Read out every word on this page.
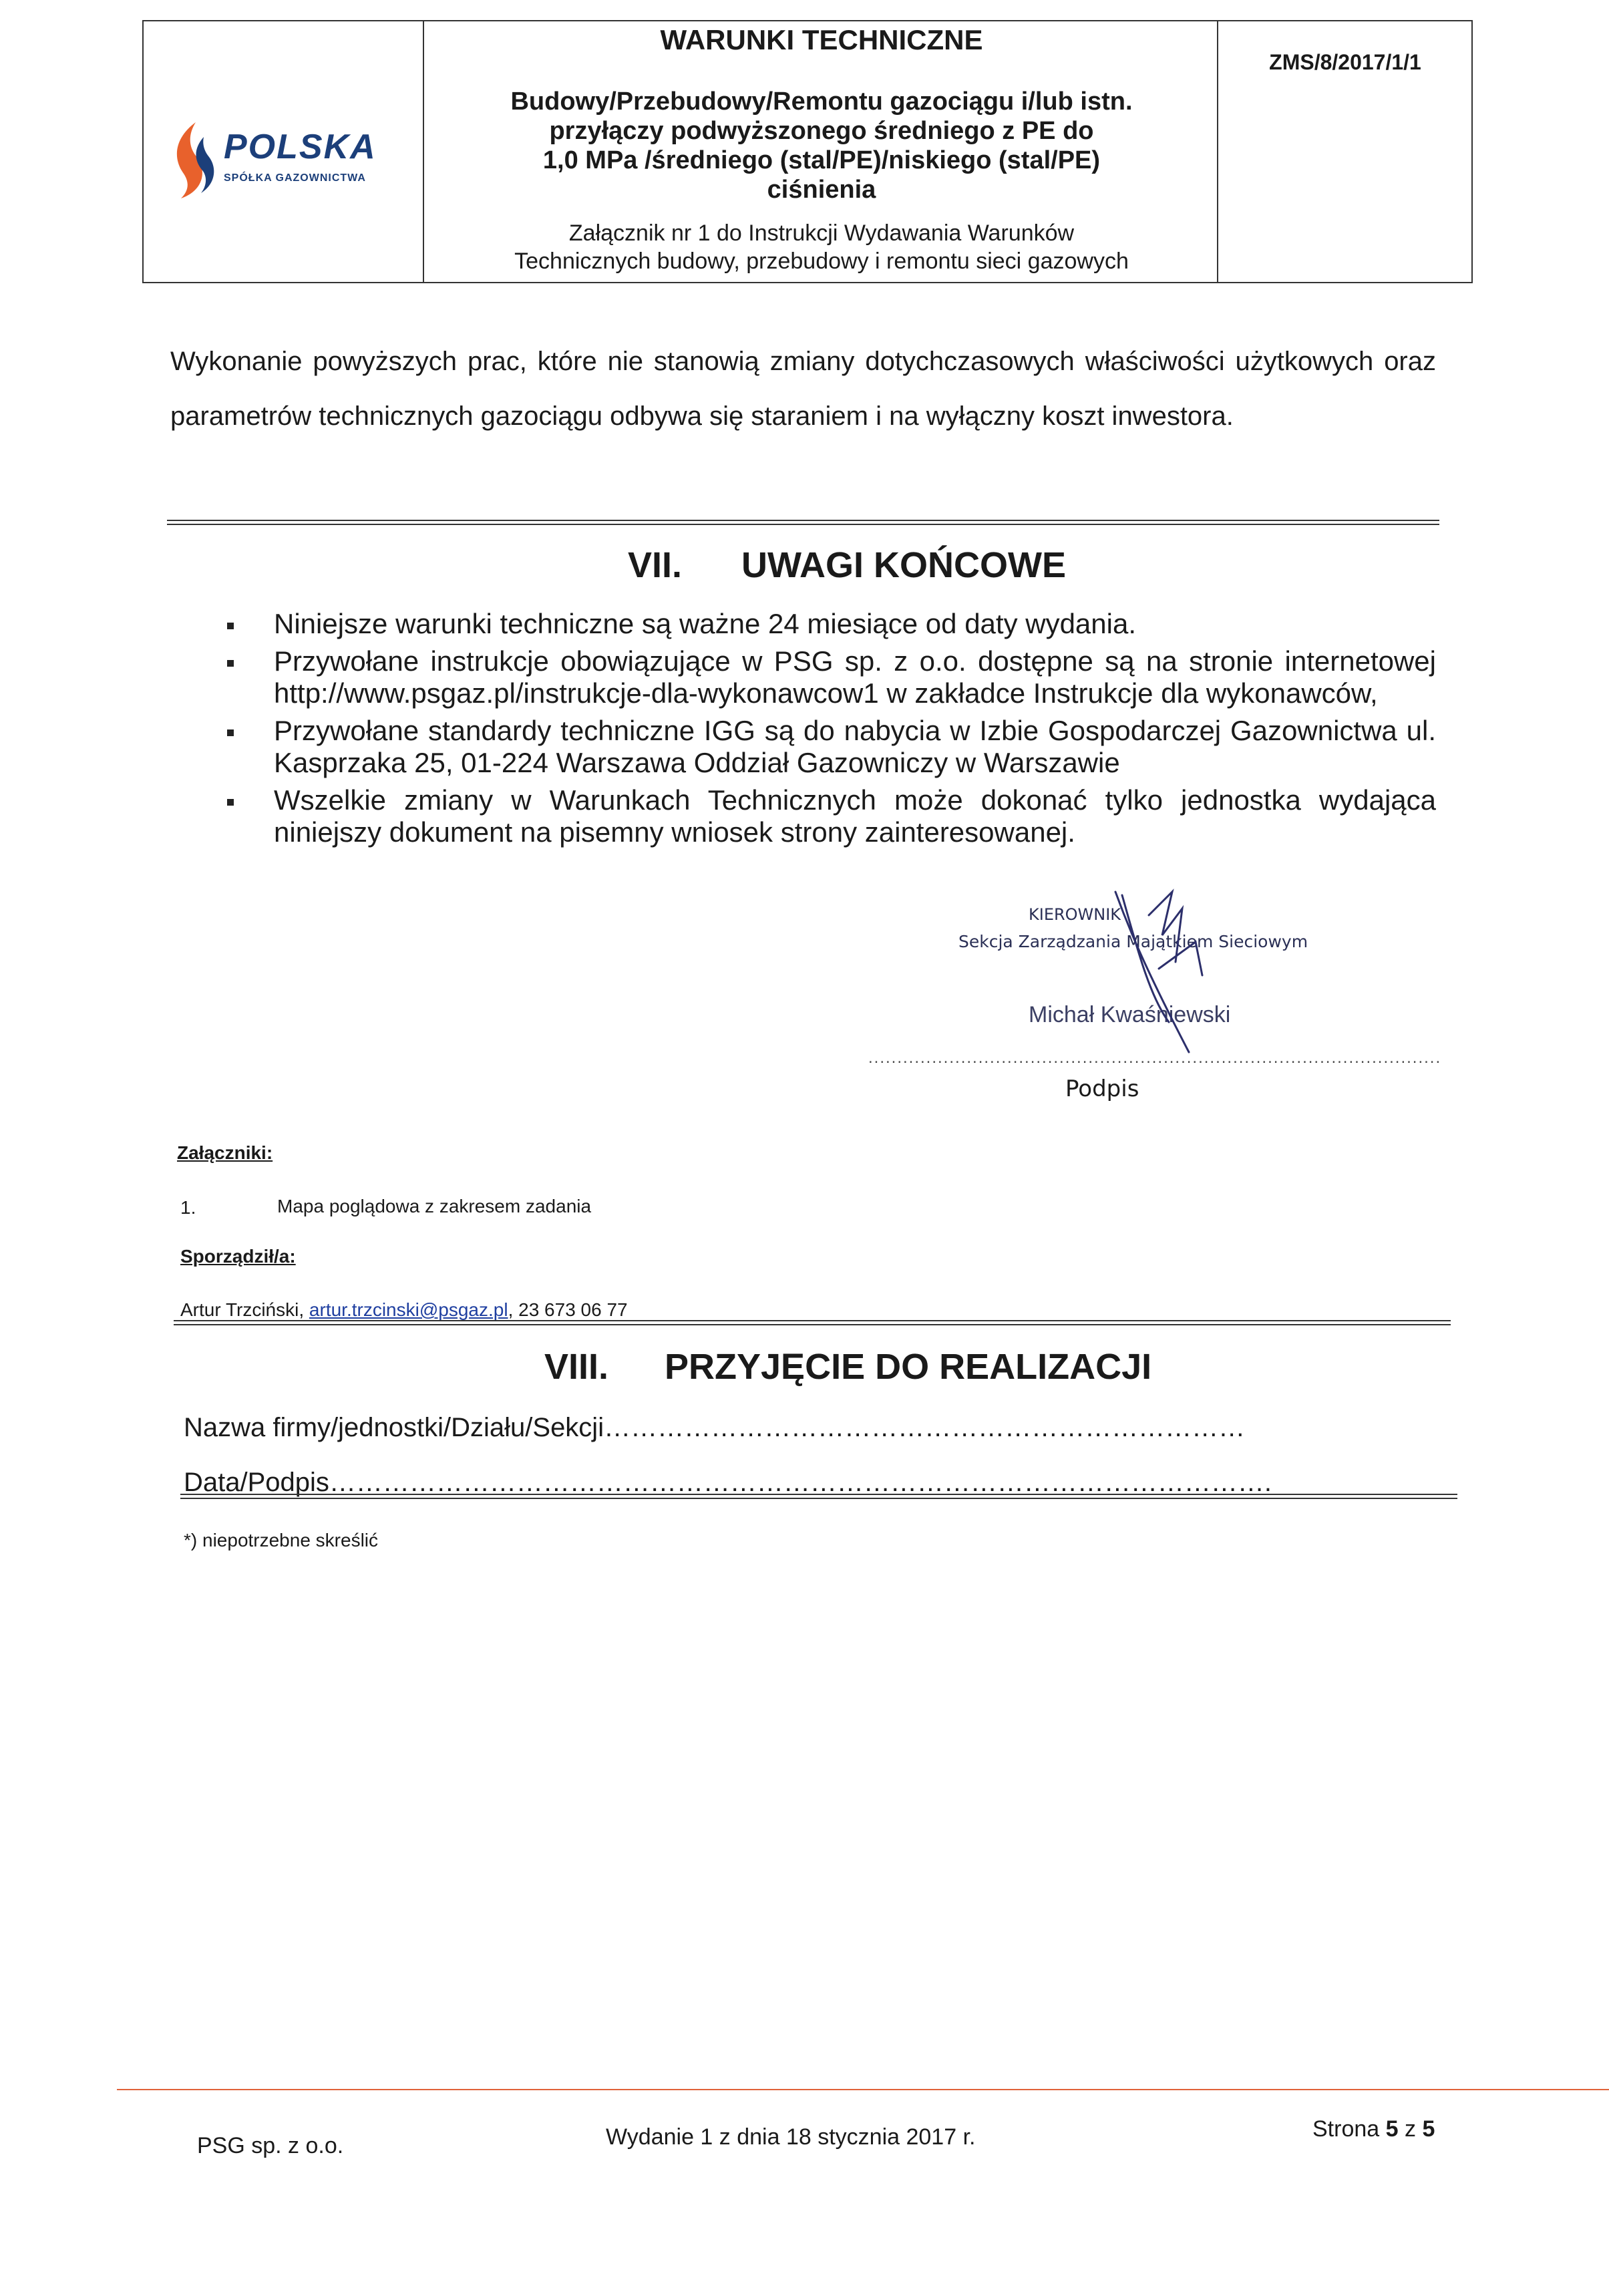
POLSKA
SPÓŁKA GAZOWNICTWA
WARUNKI TECHNICZNE
Budowy/Przebudowy/Remontu gazociągu i/lub istn.
przyłączy podwyższonego średniego z PE do
1,0 MPa /średniego (stal/PE)/niskiego (stal/PE)
ciśnienia
Załącznik nr 1 do Instrukcji Wydawania Warunków
Technicznych budowy, przebudowy i remontu sieci gazowych
ZMS/8/2017/1/1
Wykonanie powyższych prac, które nie stanowią zmiany dotychczasowych właściwości użytkowych oraz parametrów technicznych gazociągu odbywa się staraniem i na wyłączny koszt inwestora.
VII. UWAGI KOŃCOWE
Niniejsze warunki techniczne są ważne 24 miesiące od daty wydania.
Przywołane instrukcje obowiązujące w PSG sp. z o.o. dostępne są na stronie internetowej http://www.psgaz.pl/instrukcje-dla-wykonawcow1 w zakładce Instrukcje dla wykonawców,
Przywołane standardy techniczne IGG są do nabycia w Izbie Gospodarczej Gazownictwa ul. Kasprzaka 25, 01-224 Warszawa Oddział Gazowniczy w Warszawie
Wszelkie zmiany w Warunkach Technicznych może dokonać tylko jednostka wydająca niniejszy dokument na pisemny wniosek strony zainteresowanej.
KIEROWNIK
Sekcja Zarządzania Majątkiem Sieciowym
Michał Kwaśniewski
...................................................................................................
Podpis
Załączniki:
1.	Mapa poglądowa z zakresem zadania
Sporządził/a:
Artur Trzciński, artur.trzcinski@psgaz.pl, 23 673 06 77
VIII. PRZYJĘCIE DO REALIZACJI
Nazwa firmy/jednostki/Działu/Sekcji………………………………………………………………
Data/Podpis…………………………………………………………………………………………….
*) niepotrzebne skreślić
PSG sp. z o.o.	Wydanie 1 z dnia 18 stycznia 2017 r.	Strona 5 z 5
